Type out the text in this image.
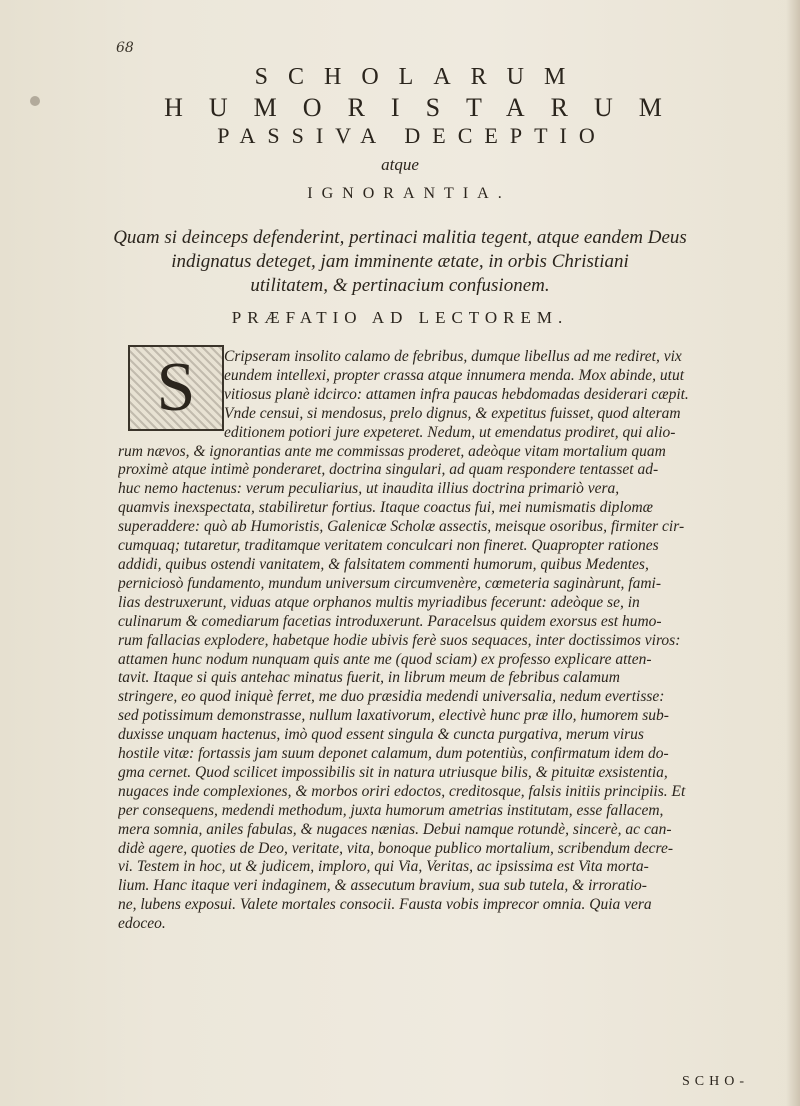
68
SCHOLARUM
HUMORISTARUM
PASSIVA DECEPTIO
atque
IGNORANTIA.
Quam si deinceps defenderint, pertinaci malitia tegent, atque eandem Deus
indignatus deteget, jam imminente ætate, in orbis Christiani
utilitatem, & pertinacium confusionem.
PRÆFATIO AD LECTOREM.
Cripseram insolito calamo de febribus, dumque libellus ad me rediret, vix
eundem intellexi, propter crassa atque innumera menda. Mox abinde, utut
vitiosus planè idcirco: attamen infra paucas hebdomadas desiderari cæpit.
Vnde censui, si mendosus, prelo dignus, & expetitus fuisset, quod alteram
editionem potiori jure expeteret. Nedum, ut emendatus prodiret, qui alio-
rum nævos, & ignorantias ante me commissas proderet, adeòque vitam mortalium quam
proximè atque intimè ponderaret, doctrina singulari, ad quam respondere tentasset ad-
huc nemo hactenus: verum peculiarius, ut inaudita illius doctrina primariò vera,
quamvis inexspectata, stabiliretur fortius. Itaque coactus fui, mei numismatis diplomæ
superaddere: quò ab Humoristis, Galenicæ Scholæ assectis, meisque osoribus, firmiter cir-
cumquaq; tutaretur, traditamque veritatem conculcari non fineret. Quapropter rationes
addidi, quibus ostendi vanitatem, & falsitatem commenti humorum, quibus Medentes,
perniciosò fundamento, mundum universum circumvenère, cœmeteria saginàrunt, fami-
lias destruxerunt, viduas atque orphanos multis myriadibus fecerunt: adeòque se, in
culinarum & comediarum facetias introduxerunt. Paracelsus quidem exorsus est humo-
rum fallacias explodere, habetque hodie ubivis ferè suos sequaces, inter doctissimos viros:
attamen hunc nodum nunquam quis ante me (quod sciam) ex professo explicare atten-
tavit. Itaque si quis antehac minatus fuerit, in librum meum de febribus calamum
stringere, eo quod iniquè ferret, me duo præsidia medendi universalia, nedum evertisse:
sed potissimum demonstrasse, nullum laxativorum, electivè hunc præ illo, humorem sub-
duxisse unquam hactenus, imò quod essent singula & cuncta purgativa, merum virus
hostile vitæ: fortassis jam suum deponet calamum, dum potentiùs, confirmatum idem do-
gma cernet. Quod scilicet impossibilis sit in natura utriusque bilis, & pituitæ exsistentia,
nugaces inde complexiones, & morbos oriri edoctos, creditosque, falsis initiis principiis. Et
per consequens, medendi methodum, juxta humorum ametrias institutam, esse fallacem,
mera somnia, aniles fabulas, & nugaces nænias. Debui namque rotundè, sincerè, ac can-
didè agere, quoties de Deo, veritate, vita, bonoque publico mortalium, scribendum decre-
vi. Testem in hoc, ut & judicem, imploro, qui Via, Veritas, ac ipsissima est Vita morta-
lium. Hanc itaque veri indaginem, & assecutum bravium, sua sub tutela, & irroratio-
ne, lubens exposui. Valete mortales consocii. Fausta vobis imprecor omnia. Quia vera
edoceo.
S
SCHO-
